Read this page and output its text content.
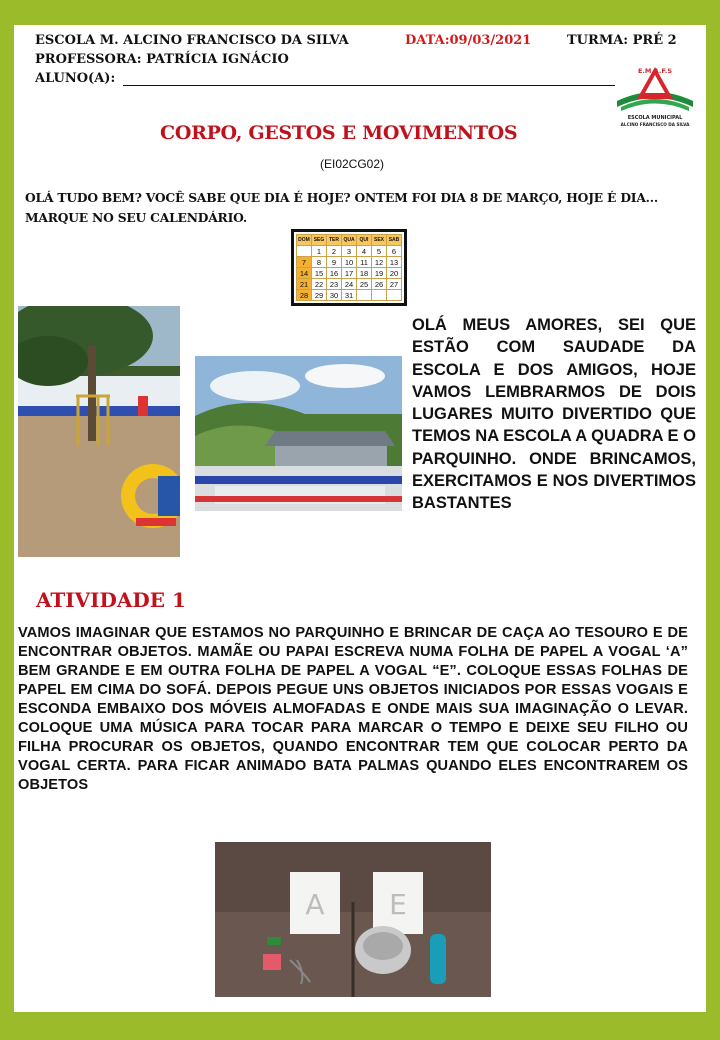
ESCOLA M. ALCINO FRANCISCO DA SILVA	DATA:09/03/2021	TURMA: PRÉ 2
PROFESSORA: PATRÍCIA IGNÁCIO
ALUNO(A):	E.M.A.F.S
ESCOLA MUNICIPAL
ALCINO FRANCISCO DA SILVA
CORPO, GESTOS E MOVIMENTOS
(EI02CG02)
OLÁ TUDO BEM? VOCÊ SABE QUE DIA É HOJE? ONTEM FOI DIA 8 DE MARÇO, HOJE É DIA... MARQUE NO SEU CALENDÁRIO.
DOM	SEG	TER	QUA	QUI	SEX	SAB
	1	2	3	4	5	6
7	8	9	10	11	12	13
14	15	16	17	18	19	20
21	22	23	24	25	26	27
28	29	30	31			
OLÁ MEUS AMORES, SEI QUE ESTÃO COM SAUDADE DA ESCOLA E DOS AMIGOS, HOJE VAMOS LEMBRARMOS DE DOIS LUGARES MUITO DIVERTIDO QUE TEMOS NA ESCOLA A QUADRA E O PARQUINHO. ONDE BRINCAMOS, EXERCITAMOS E NOS DIVERTIMOS BASTANTES
ATIVIDADE 1
VAMOS IMAGINAR QUE ESTAMOS NO PARQUINHO E BRINCAR DE CAÇA AO TESOURO E DE ENCONTRAR OBJETOS. MAMÃE OU PAPAI ESCREVA NUMA FOLHA DE PAPEL A VOGAL ‘A” BEM GRANDE E EM OUTRA FOLHA DE PAPEL A VOGAL “E”. COLOQUE ESSAS FOLHAS DE PAPEL EM CIMA DO SOFÁ. DEPOIS PEGUE UNS OBJETOS INICIADOS POR ESSAS VOGAIS E ESCONDA EMBAIXO DOS MÓVEIS ALMOFADAS E ONDE MAIS SUA IMAGINAÇÃO O LEVAR. COLOQUE UMA MÚSICA PARA TOCAR PARA MARCAR O TEMPO E DEIXE SEU FILHO OU FILHA PROCURAR OS OBJETOS, QUANDO ENCONTRAR TEM QUE COLOCAR PERTO DA VOGAL CERTA. PARA FICAR ANIMADO BATA PALMAS QUANDO ELES ENCONTRAREM OS OBJETOS
A E
